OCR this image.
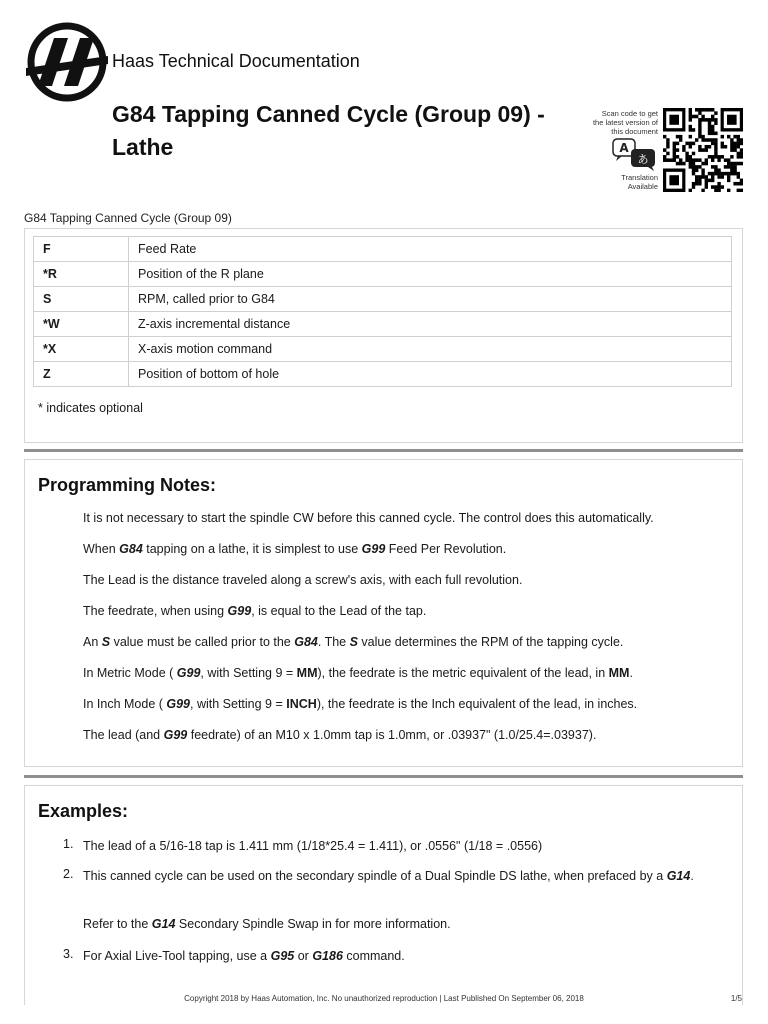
Haas Technical Documentation
G84 Tapping Canned Cycle (Group 09) - Lathe
Scan code to get the latest version of this document
A
あ
Translation Available
G84 Tapping Canned Cycle (Group 09)
F	Feed Rate
*R	Position of the R plane
S	RPM, called prior to G84
*W	Z-axis incremental distance
*X	X-axis motion command
Z	Position of bottom of hole
* indicates optional
Programming Notes:
It is not necessary to start the spindle CW before this canned cycle. The control does this automatically.
When G84 tapping on a lathe, it is simplest to use G99 Feed Per Revolution.
The Lead is the distance traveled along a screw's axis, with each full revolution.
The feedrate, when using G99, is equal to the Lead of the tap.
An S value must be called prior to the G84. The S value determines the RPM of the tapping cycle.
In Metric Mode ( G99, with Setting 9 = MM), the feedrate is the metric equivalent of the lead, in MM.
In Inch Mode ( G99, with Setting 9 = INCH), the feedrate is the Inch equivalent of the lead, in inches.
The lead (and G99 feedrate) of an M10 x 1.0mm tap is 1.0mm, or .03937" (1.0/25.4=.03937).
Examples:
1. The lead of a 5/16-18 tap is 1.411 mm (1/18*25.4 = 1.411), or .0556" (1/18 = .0556)
2. This canned cycle can be used on the secondary spindle of a Dual Spindle DS lathe, when prefaced by a G14.
Refer to the G14 Secondary Spindle Swap in for more information.
3. For Axial Live-Tool tapping, use a G95 or G186 command.
Copyright 2018 by Haas Automation, Inc. No unauthorized reproduction | Last Published On September 06, 2018	1/5
